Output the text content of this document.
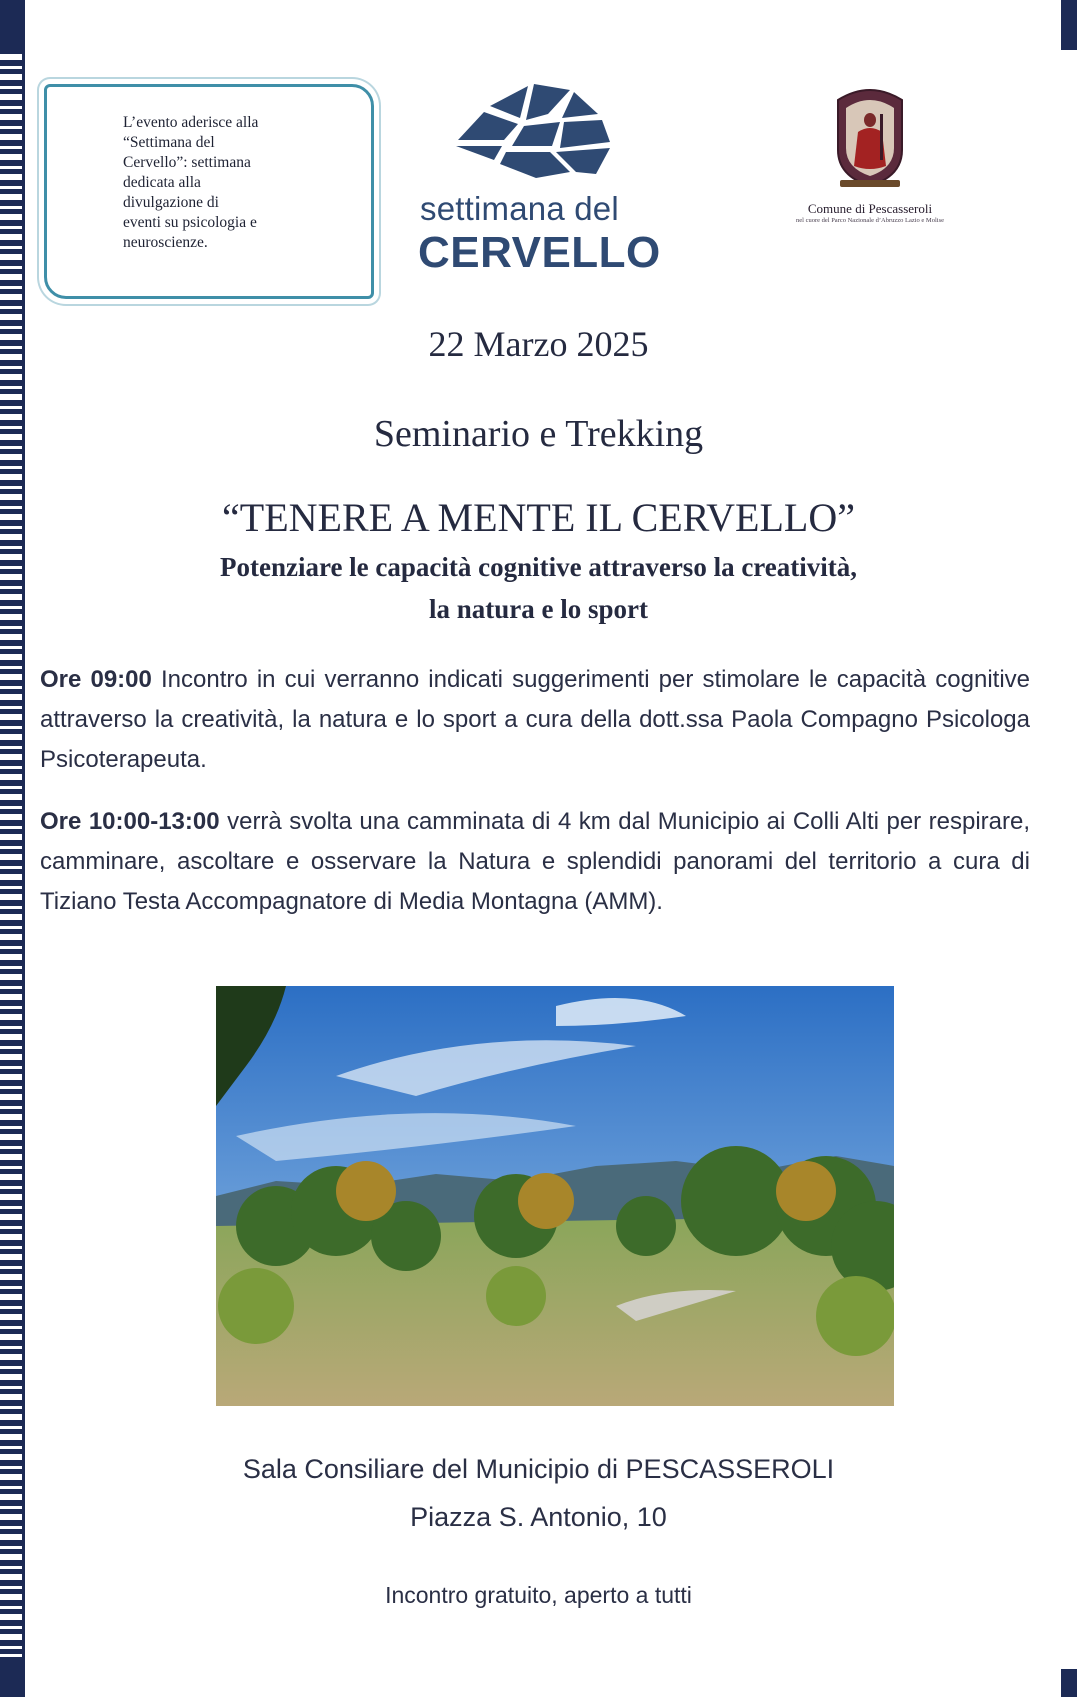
L’evento aderisce alla
“Settimana del
Cervello”: settimana
dedicata alla
divulgazione di
eventi su psicologia e
neuroscienze.
settimana del
CERVELLO
Comune di Pescasseroli
nel cuore del Parco Nazionale d’Abruzzo Lazio e Molise
22 Marzo 2025
Seminario e Trekking
“TENERE A MENTE IL CERVELLO”
Potenziare le capacità cognitive attraverso la creatività,
la natura e lo sport
Ore 09:00 Incontro in cui verranno indicati suggerimenti per stimolare le capacità cognitive attraverso la creatività, la natura e lo sport a cura della dott.ssa Paola Compagno Psicologa Psicoterapeuta.
Ore 10:00-13:00 verrà svolta una camminata di 4 km dal Municipio ai Colli Alti per respirare, camminare, ascoltare e osservare la Natura e splendidi panorami del territorio a cura di Tiziano Testa Accompagnatore di Media Montagna (AMM).
Sala Consiliare del Municipio di PESCASSEROLI
Piazza S. Antonio, 10
Incontro gratuito, aperto a tutti
